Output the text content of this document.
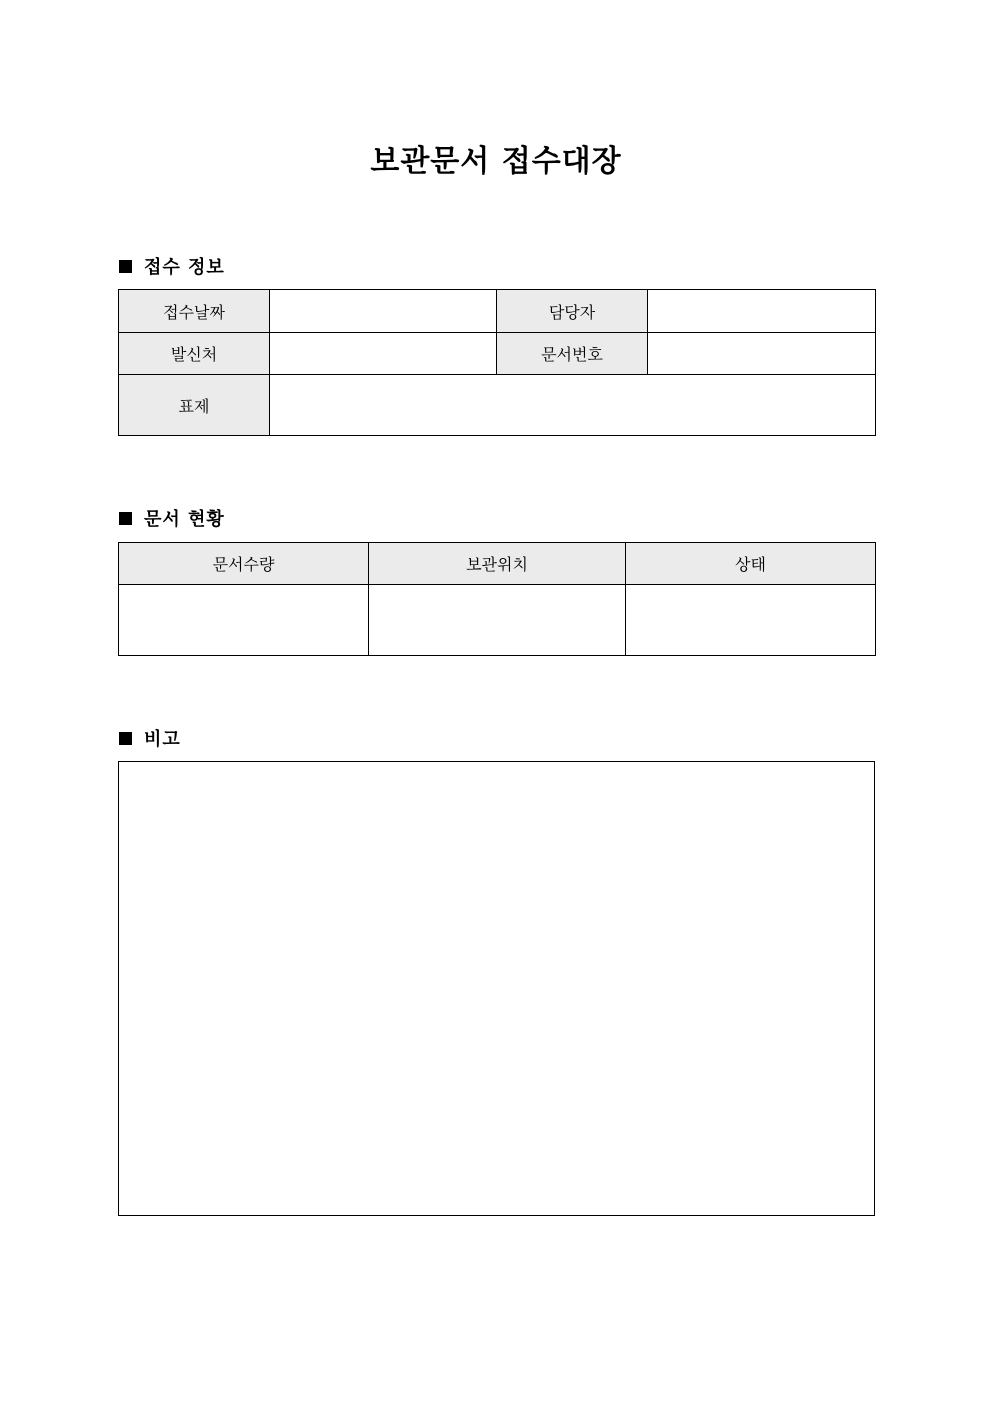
보관문서 접수대장
접수 정보
접수날짜		담당자	
발신처		문서번호	
표제			
문서 현황
문서수량	보관위치	상태

비고
